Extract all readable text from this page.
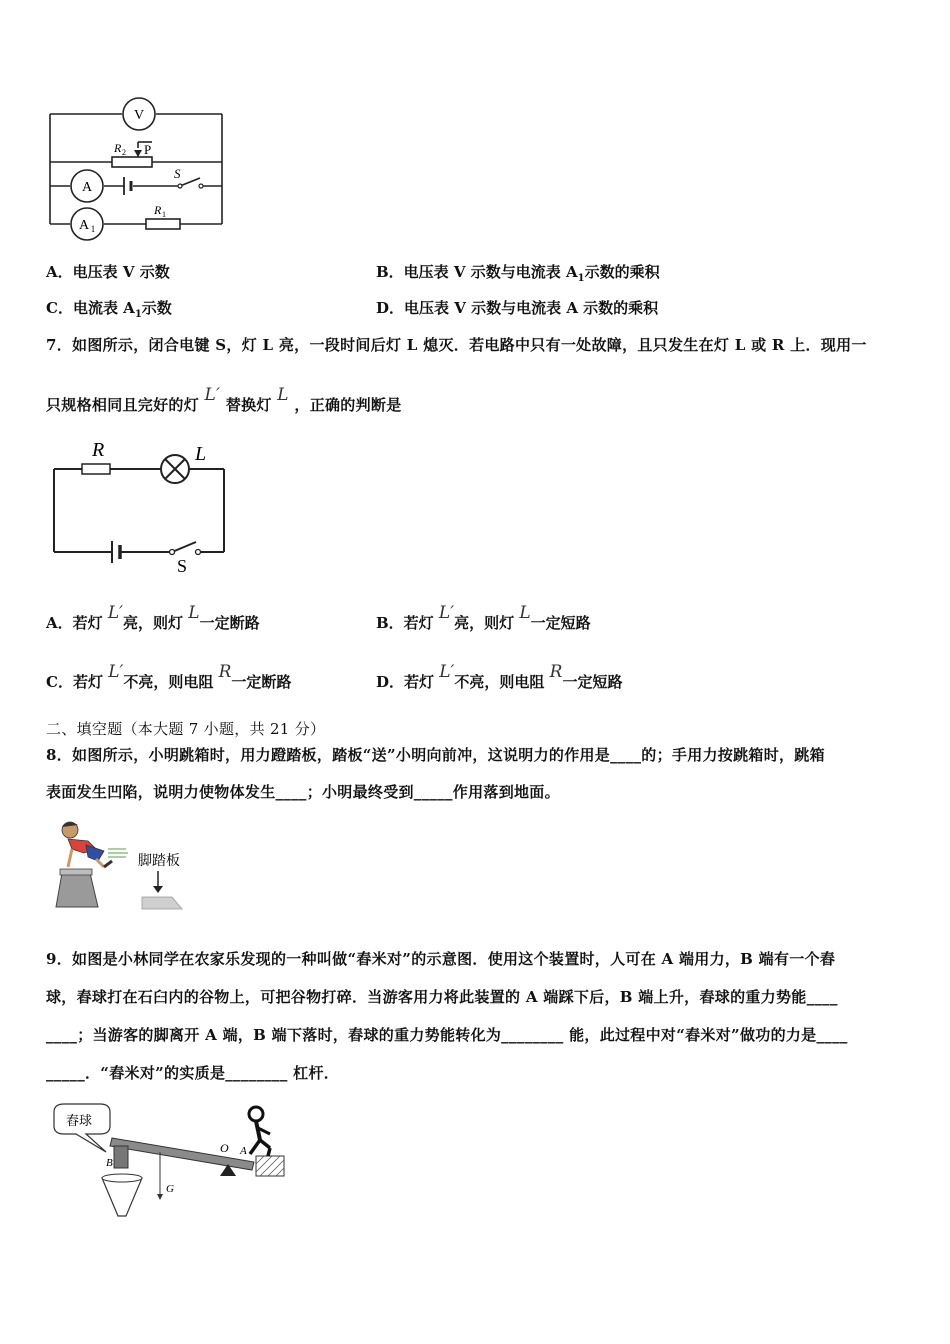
V
A
A 1
R 2 P
S
R 1
A．电压表 V 示数	B．电压表 V 示数与电流表 $A_1$示数的乘积
C．电流表 $A_1$示数	D．电压表 V 示数与电流表 A 示数的乘积
7．如图所示，闭合电键 S，灯 L 亮，一段时间后灯 L 熄灭．若电路中只有一处故障，且只发生在灯 L 或 R 上．现用一
只规格相同且完好的灯 L′ 替换灯 L ，正确的判断是
R	L
S
A．若灯 L′亮，则灯 L一定断路	B．若灯 L′亮，则灯 L一定短路
C．若灯 L′不亮，则电阻 R一定断路	D．若灯 L′不亮，则电阻 R一定短路
二、填空题（本大题 7 小题，共 21 分）
8．如图所示，小明跳箱时，用力蹬踏板，踏板“送”小明向前冲，这说明力的作用是____的；手用力按跳箱时，跳箱
表面发生凹陷，说明力使物体发生____；小明最终受到_____作用落到地面。
脚踏板
9．如图是小林同学在农家乐发现的一种叫做“舂米对”的示意图．使用这个装置时，人可在 A 端用力，B 端有一个舂
球，舂球打在石臼内的谷物上，可把谷物打碎．当游客用力将此装置的 A 端踩下后，B 端上升，舂球的重力势能____
____；当游客的脚离开 A 端，B 端下落时，舂球的重力势能转化为________ 能，此过程中对“舂米对”做功的力是____
_____．“舂米对”的实质是________ 杠杆．
舂球
B
G
O A
